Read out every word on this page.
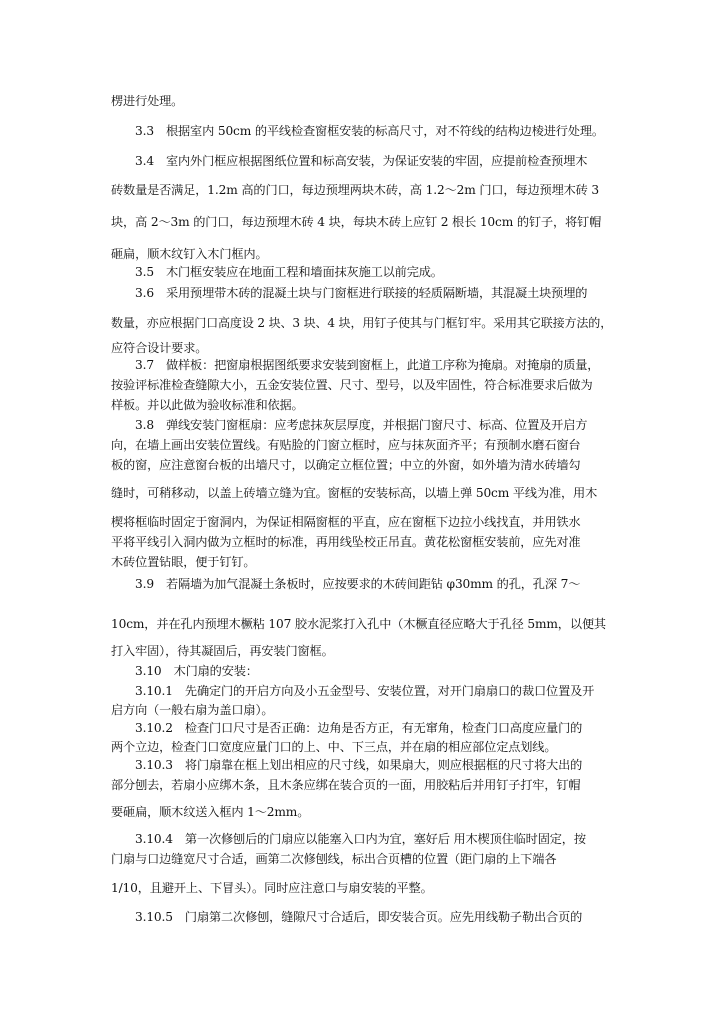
楞进行处理。

3.3　根据室内 50cm 的平线检查窗框安装的标高尺寸，对不符线的结构边棱进行处理。

3.4　室内外门框应根据图纸位置和标高安装，为保证安装的牢固，应提前检查预埋木

砖数量是否满足，1.2m 高的门口，每边预埋两块木砖，高 1.2～2m 门口，每边预埋木砖 3

块，高 2～3m 的门口，每边预埋木砖 4 块，每块木砖上应钉 2 根长 10cm 的钉子，将钉帽

砸扁，顺木纹钉入木门框内。

3.5　木门框安装应在地面工程和墙面抹灰施工以前完成。

3.6　采用预埋带木砖的混凝土块与门窗框进行联接的轻质隔断墙，其混凝土块预埋的

数量，亦应根据门口高度设 2 块、3 块、4 块，用钉子使其与门框钉牢。采用其它联接方法的，

应符合设计要求。

3.7　做样板：把窗扇根据图纸要求安装到窗框上，此道工序称为掩扇。对掩扇的质量，

按验评标准检查缝隙大小，五金安装位置、尺寸、型号，以及牢固性，符合标准要求后做为

样板。并以此做为验收标准和依据。

3.8　弹线安装门窗框扇：应考虑抹灰层厚度，并根据门窗尺寸、标高、位置及开启方

向，在墙上画出安装位置线。有贴脸的门窗立框时，应与抹灰面齐平；有预制水磨石窗台

板的窗，应注意窗台板的出墙尺寸，以确定立框位置；中立的外窗，如外墙为清水砖墙勾

缝时，可稍移动，以盖上砖墙立缝为宜。窗框的安装标高，以墙上弹 50cm 平线为准，用木

楔将框临时固定于窗洞内，为保证相隔窗框的平直，应在窗框下边拉小线找直，并用铁水

平将平线引入洞内做为立框时的标准，再用线坠校正吊直。黄花松窗框安装前，应先对准

木砖位置钻眼，便于钉钉。

3.9　若隔墙为加气混凝土条板时，应按要求的木砖间距钻 φ30mm 的孔，孔深 7～

10cm，并在孔内预埋木橛粘 107 胶水泥浆打入孔中（木橛直径应略大于孔径 5mm，以便其

打入牢固），待其凝固后，再安装门窗框。

3.10　木门扇的安装：

3.10.1　先确定门的开启方向及小五金型号、安装位置，对开门扇扇口的裁口位置及开

启方向（一般右扇为盖口扇）。

3.10.2　检查门口尺寸是否正确：边角是否方正，有无窜角，检查门口高度应量门的

两个立边，检查门口宽度应量门口的上、中、下三点，并在扇的相应部位定点划线。

3.10.3　将门扇靠在框上划出相应的尺寸线，如果扇大，则应根据框的尺寸将大出的

部分刨去，若扇小应绑木条，且木条应绑在装合页的一面，用胶粘后并用钉子打牢，钉帽

要砸扁，顺木纹送入框内 1～2mm。

3.10.4　第一次修刨后的门扇应以能塞入口内为宜，塞好后 用木楔顶住临时固定，按

门扇与口边缝宽尺寸合适，画第二次修刨线，标出合页槽的位置（距门扇的上下端各

1/10，且避开上、下冒头）。同时应注意口与扇安装的平整。

3.10.5　门扇第二次修刨，缝隙尺寸合适后，即安装合页。应先用线勒子勒出合页的
